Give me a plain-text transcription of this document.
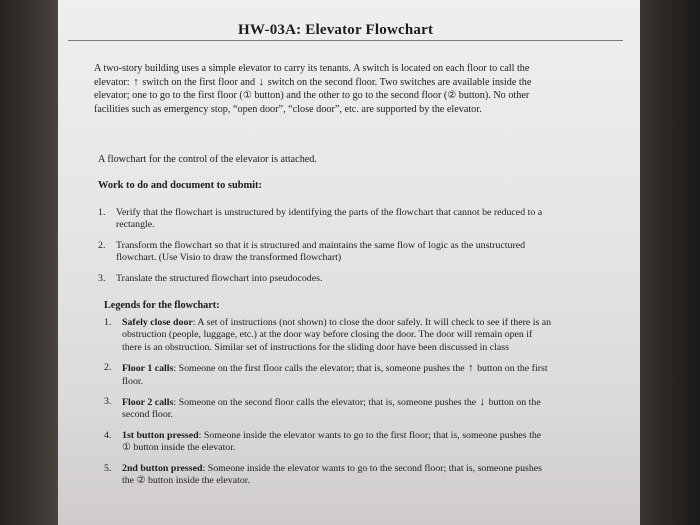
HW-03A: Elevator Flowchart
A two-story building uses a simple elevator to carry its tenants. A switch is located on each floor to call the elevator: ↑ switch on the first floor and ↓ switch on the second floor. Two switches are available inside the elevator; one to go to the first floor (① button) and the other to go to the second floor (② button). No other facilities such as emergency stop, “open door”, “close door”, etc. are supported by the elevator.
A flowchart for the control of the elevator is attached.
Work to do and document to submit:
1. Verify that the flowchart is unstructured by identifying the parts of the flowchart that cannot be reduced to a rectangle.
2. Transform the flowchart so that it is structured and maintains the same flow of logic as the unstructured flowchart. (Use Visio to draw the transformed flowchart)
3. Translate the structured flowchart into pseudocodes.
Legends for the flowchart:
1. Safely close door: A set of instructions (not shown) to close the door safely. It will check to see if there is an obstruction (people, luggage, etc.) at the door way before closing the door. The door will remain open if there is an obstruction. Similar set of instructions for the sliding door have been discussed in class
2. Floor 1 calls: Someone on the first floor calls the elevator; that is, someone pushes the ↑ button on the first floor.
3. Floor 2 calls: Someone on the second floor calls the elevator; that is, someone pushes the ↓ button on the second floor.
4. 1st button pressed: Someone inside the elevator wants to go to the first floor; that is, someone pushes the ① button inside the elevator.
5. 2nd button pressed: Someone inside the elevator wants to go to the second floor; that is, someone pushes the ② button inside the elevator.
